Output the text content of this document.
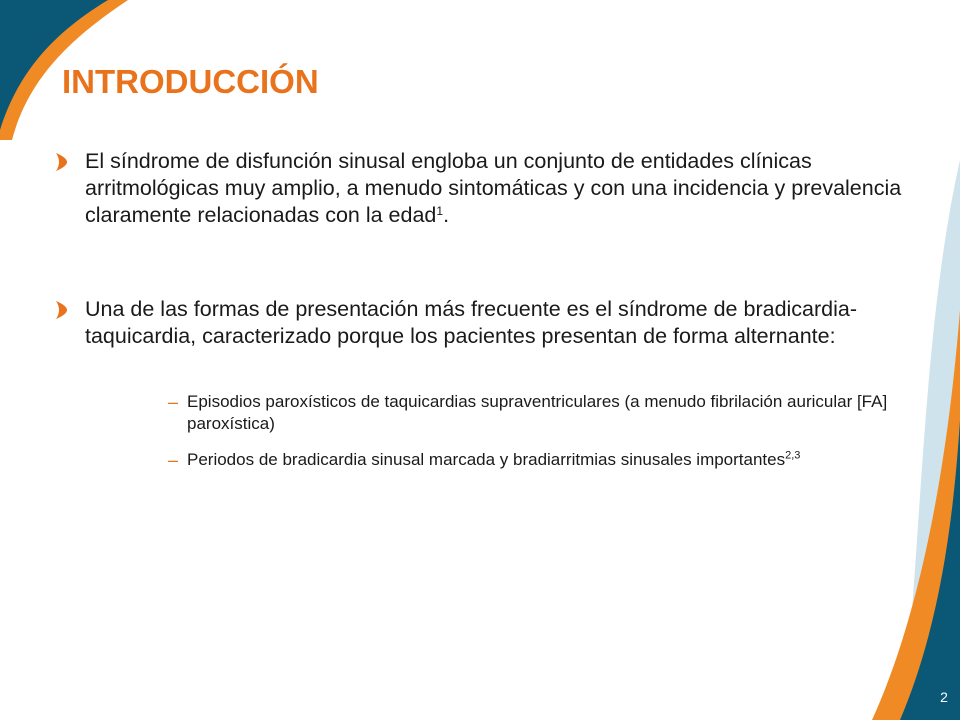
INTRODUCCIÓN

El síndrome de disfunción sinusal engloba un conjunto de entidades clínicas arritmológicas muy amplio, a menudo sintomáticas y con una incidencia y prevalencia claramente relacionadas con la edad$^1$.

Una de las formas de presentación más frecuente es el síndrome de bradicardia-taquicardia, caracterizado porque los pacientes presentan de forma alternante:

– Episodios paroxísticos de taquicardias supraventriculares (a menudo fibrilación auricular [FA] paroxística)

– Periodos de bradicardia sinusal marcada y bradiarritmias sinusales importantes$^{2,3}$

2
